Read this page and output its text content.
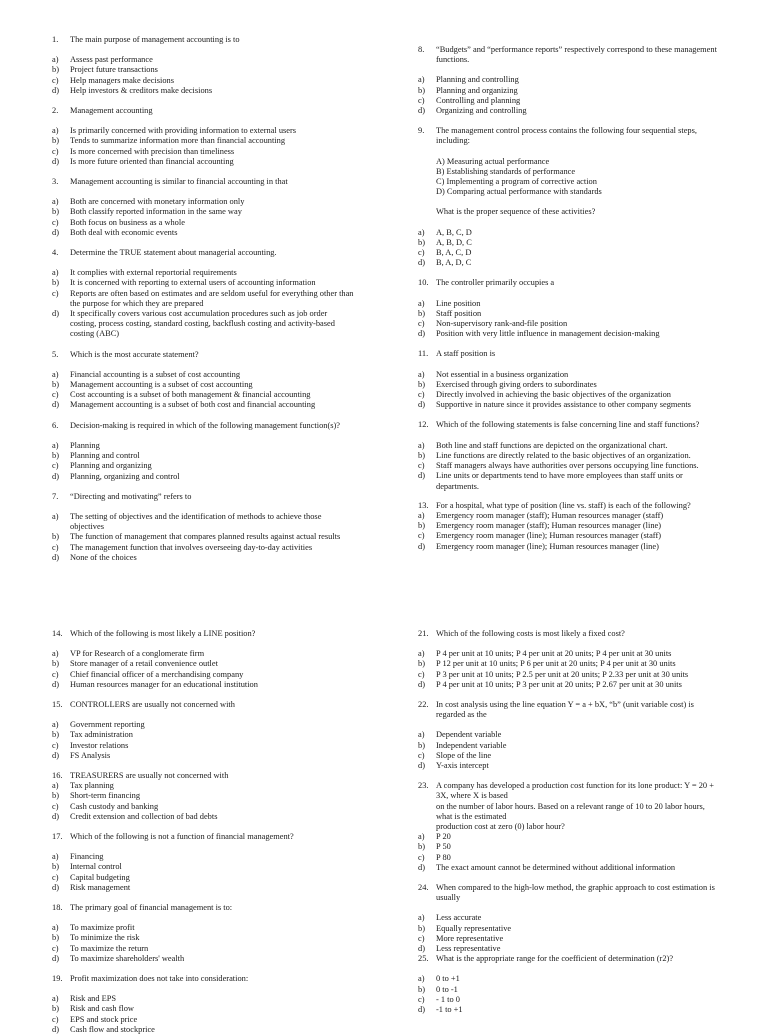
1.	The main purpose of management accounting is to
a)	Assess past performance
b)	Project future transactions
c)	Help managers make decisions
d)	Help investors & creditors make decisions
2.	Management accounting
a)	Is primarily concerned with providing information to external users
b)	Tends to summarize information more than financial accounting
c)	Is more concerned with precision than timeliness
d)	Is more future oriented than financial accounting
3.	Management accounting is similar to financial accounting in that
a)	Both are concerned with monetary information only
b)	Both classify reported information in the same way
c)	Both focus on business as a whole
d)	Both deal with economic events
4.	Determine the TRUE statement about managerial accounting.
a)	It complies with external reportorial requirements
b)	It is concerned with reporting to external users of accounting information
c)	Reports are often based on estimates and are seldom useful for everything other than
the purpose for which they are prepared
d)	It specifically covers various cost accumulation procedures such as job order
costing, process costing, standard costing, backflush costing and activity-based
costing (ABC)
5.	Which is the most accurate statement?
a)	Financial accounting is a subset of cost accounting
b)	Management accounting is a subset of cost accounting
c)	Cost accounting is a subset of both management & financial accounting
d)	Management accounting is a subset of both cost and financial accounting
6.	Decision-making is required in which of the following management function(s)?
a)	Planning
b)	Planning and control
c)	Planning and organizing
d)	Planning, organizing and control
7.	“Directing and motivating” refers to
a)	The setting of objectives and the identification of methods to achieve those
objectives
b)	The function of management that compares planned results against actual results
c)	The management function that involves overseeing day-to-day activities
d)	None of the choices
8.	“Budgets” and “performance reports” respectively correspond to these management
functions.
a)	Planning and controlling
b)	Planning and organizing
c)	Controlling and planning
d)	Organizing and controlling
9.	The management control process contains the following four sequential steps,
including:
A) Measuring actual performance
B) Establishing standards of performance
C) Implementing a program of corrective action
D) Comparing actual performance with standards
What is the proper sequence of these activities?
a)	A, B, C, D
b)	A, B, D, C
c)	B, A, C, D
d)	B, A, D, C
10. The controller primarily occupies a
a)	Line position
b)	Staff position
c)	Non-supervisory rank-and-file position
d)	Position with very little influence in management decision-making
11. A staff position is
a)	Not essential in a business organization
b)	Exercised through giving orders to subordinates
c)	Directly involved in achieving the basic objectives of the organization
d)	Supportive in nature since it provides assistance to other company segments
12. Which of the following statements is false concerning line and staff functions?
a)	Both line and staff functions are depicted on the organizational chart.
b)	Line functions are directly related to the basic objectives of an organization.
c)	Staff managers always have authorities over persons occupying line functions.
d)	Line units or departments tend to have more employees than staff units or
departments.
13. For a hospital, what type of position (line vs. staff) is each of the following?
a)	Emergency room manager (staff); Human resources manager (staff)
b)	Emergency room manager (staff); Human resources manager (line)
c)	Emergency room manager (line); Human resources manager (staff)
d)	Emergency room manager (line); Human resources manager (line)
14. Which of the following is most likely a LINE position?
a)	VP for Research of a conglomerate firm
b)	Store manager of a retail convenience outlet
c)	Chief financial officer of a merchandising company
d)	Human resources manager for an educational institution
15. CONTROLLERS are usually not concerned with
a)	Government reporting
b)	Tax administration
c)	Investor relations
d)	FS Analysis
16. TREASURERS are usually not concerned with
a)	Tax planning
b)	Short-term financing
c)	Cash custody and banking
d)	Credit extension and collection of bad debts
17. Which of the following is not a function of financial management?
a)	Financing
b)	Internal control
c)	Capital budgeting
d)	Risk management
18. The primary goal of financial management is to:
a)	To maximize profit
b)	To minimize the risk
c)	To maximize the return
d)	To maximize shareholders' wealth
19. Profit maximization does not take into consideration:
a)	Risk and EPS
b)	Risk and cash flow
c)	EPS and stock price
d)	Cash flow and stockprice
21. Which of the following costs is most likely a fixed cost?
a)	P 4 per unit at 10 units; P 4 per unit at 20 units; P 4 per unit at 30 units
b)	P 12 per unit at 10 units; P 6 per unit at 20 units; P 4 per unit at 30 units
c)	P 3 per unit at 10 units; P 2.5 per unit at 20 units; P 2.33 per unit at 30 units
d)	P 4 per unit at 10 units; P 3 per unit at 20 units; P 2.67 per unit at 30 units
22. In cost analysis using the line equation Y = a + bX, “b” (unit variable cost) is
regarded as the
a)	Dependent variable
b)	Independent variable
c)	Slope of the line
d)	Y-axis intercept
23. A company has developed a production cost function for its lone product: Y = 20 +
3X, where X is based
on the number of labor hours. Based on a relevant range of 10 to 20 labor hours,
what is the estimated
production cost at zero (0) labor hour?
a)	P 20
b)	P 50
c)	P 80
d)	The exact amount cannot be determined without additional information
24. When compared to the high-low method, the graphic approach to cost estimation is
usually
a)	Less accurate
b)	Equally representative
c)	More representative
d)	Less representative
25. What is the appropriate range for the coefficient of determination (r2)?
a)	0 to +1
b)	0 to -1
c)	- 1 to 0
d)	-1 to +1
